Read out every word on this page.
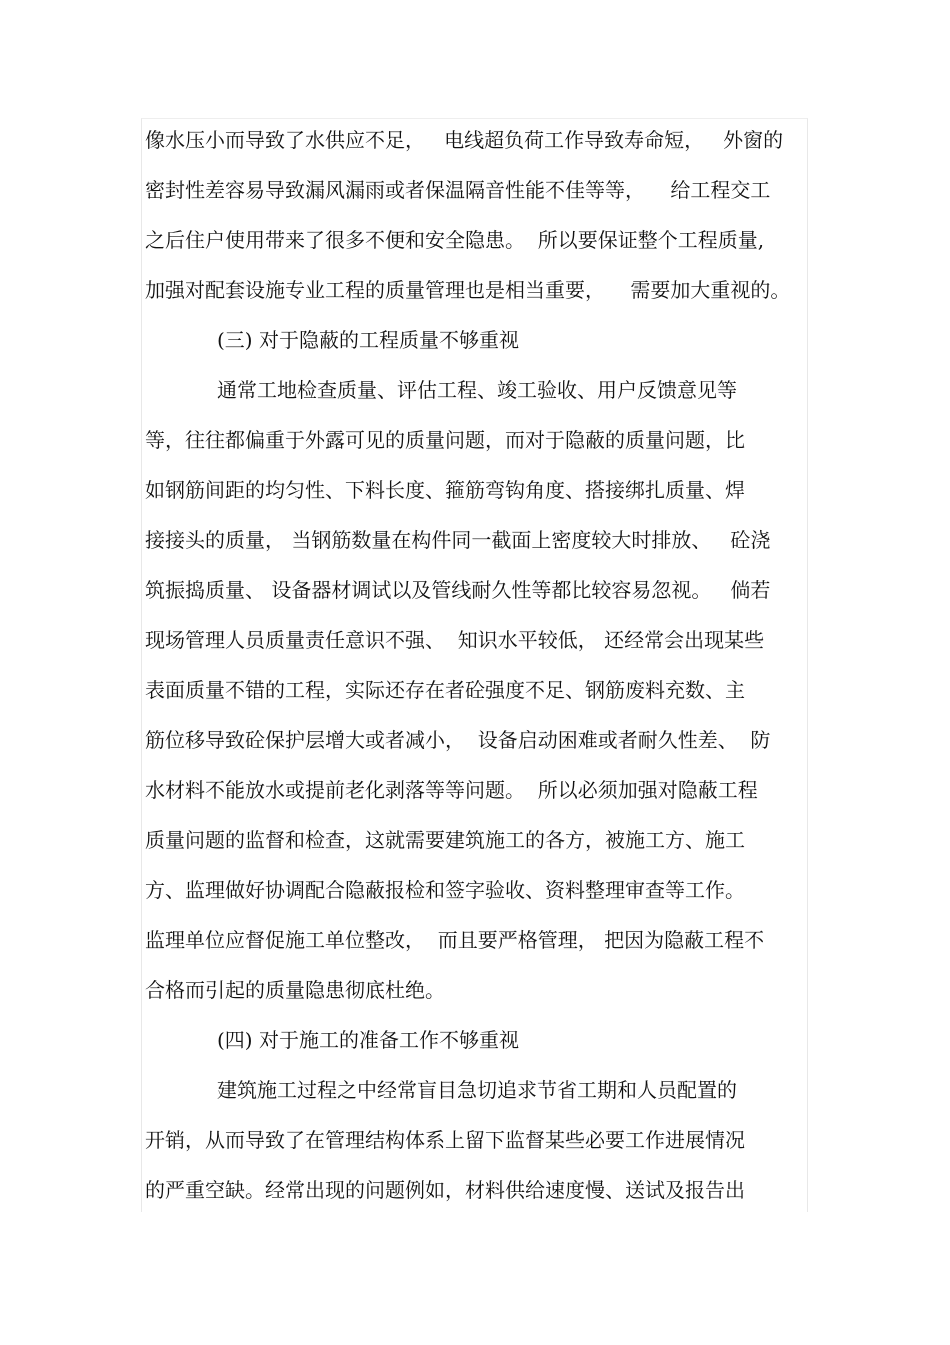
像水压小而导致了水供应不足，   电线超负荷工作导致寿命短，   外窗的
密封性差容易导致漏风漏雨或者保温隔音性能不佳等等，    给工程交工
之后住户使用带来了很多不便和安全隐患。  所以要保证整个工程质量,
加强对配套设施专业工程的质量管理也是相当重要，    需要加大重视的。
(三) 对于隐蔽的工程质量不够重视
通常工地检查质量、评估工程、竣工验收、用户反馈意见等
等，往往都偏重于外露可见的质量问题，而对于隐蔽的质量问题，比
如钢筋间距的均匀性、下料长度、箍筋弯钩角度、搭接绑扎质量、焊
接接头的质量， 当钢筋数量在构件同一截面上密度较大时排放、   砼浇
筑振捣质量、 设备器材调试以及管线耐久性等都比较容易忽视。   倘若
现场管理人员质量责任意识不强、  知识水平较低， 还经常会出现某些
表面质量不错的工程，实际还存在者砼强度不足、钢筋废料充数、主
筋位移导致砼保护层增大或者减小，  设备启动困难或者耐久性差、  防
水材料不能放水或提前老化剥落等等问题。  所以必须加强对隐蔽工程
质量问题的监督和检查，这就需要建筑施工的各方，被施工方、施工
方、监理做好协调配合隐蔽报检和签字验收、资料整理审查等工作。
监理单位应督促施工单位整改，  而且要严格管理， 把因为隐蔽工程不
合格而引起的质量隐患彻底杜绝。
(四) 对于施工的准备工作不够重视
建筑施工过程之中经常盲目急切追求节省工期和人员配置的
开销，从而导致了在管理结构体系上留下监督某些必要工作进展情况
的严重空缺。经常出现的问题例如，材料供给速度慢、送试及报告出
